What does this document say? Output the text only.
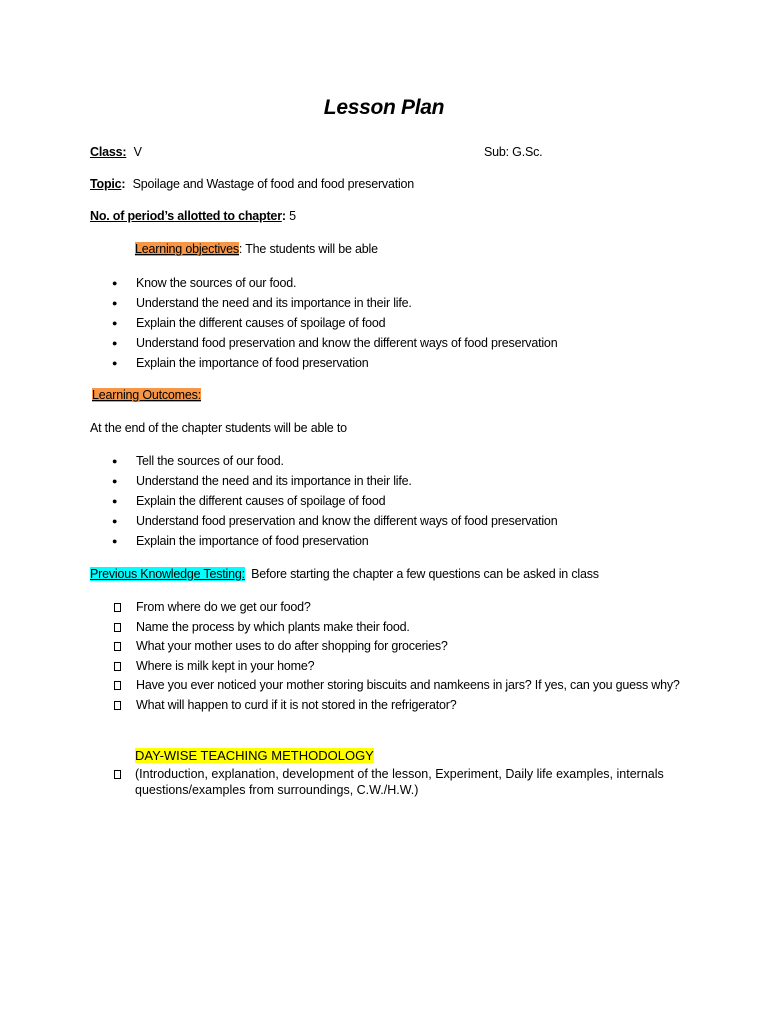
Lesson Plan
Class: V	Sub: G.Sc.
Topic: Spoilage and Wastage of food and food preservation
No. of period’s allotted to chapter: 5
Learning objectives: The students will be able
● Know the sources of our food.
● Understand the need and its importance in their life.
● Explain the different causes of spoilage of food
● Understand food preservation and know the different ways of food preservation
● Explain the importance of food preservation
Learning Outcomes:
At the end of the chapter students will be able to
● Tell the sources of our food.
● Understand the need and its importance in their life.
● Explain the different causes of spoilage of food
● Understand food preservation and know the different ways of food preservation
● Explain the importance of food preservation
Previous Knowledge Testing: Before starting the chapter a few questions can be asked in class
From where do we get our food?
Name the process by which plants make their food.
What your mother uses to do after shopping for groceries?
Where is milk kept in your home?
Have you ever noticed your mother storing biscuits and namkeens in jars? If yes, can you guess why?
What will happen to curd if it is not stored in the refrigerator?
DAY-WISE TEACHING METHODOLOGY
(Introduction, explanation, development of the lesson, Experiment, Daily life examples, internals questions/examples from surroundings, C.W./H.W.)
